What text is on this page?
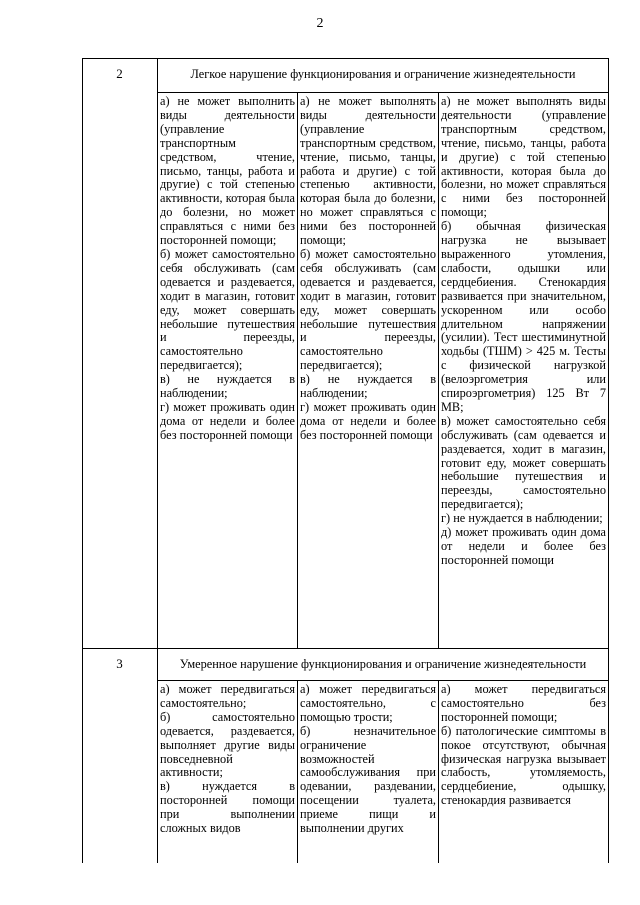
2
2	Легкое нарушение функционирования и ограничение жизнедеятельности

а) не может выполнить виды деятельности (управление транспортным средством, чтение, письмо, танцы, работа и другие) с той степенью активности, которая была до болезни, но может справляться с ними без посторонней помощи;

б) может самостоятельно себя обслуживать (сам одевается и раздевается, ходит в магазин, готовит еду, может совершать небольшие путешествия и переезды, самостоятельно передвигается);

в) не нуждается в наблюдении;

г) может проживать один дома от недели и более без посторонней помощи

а) не может выполнять виды деятельности (управление транспортным средством, чтение, письмо, танцы, работа и другие) с той степенью активности, которая была до болезни, но может справляться с ними без посторонней помощи;

б) может самостоятельно себя обслуживать (сам одевается и раздевается, ходит в магазин, готовит еду, может совершать небольшие путешествия и переезды, самостоятельно передвигается);

в) не нуждается в наблюдении;

г) может проживать один дома от недели и более без посторонней помощи

а) не может выполнять виды деятельности (управление транспортным средством, чтение, письмо, танцы, работа и другие) с той степенью активности, которая была до болезни, но может справляться с ними без посторонней помощи;

б) обычная физическая нагрузка не вызывает выраженного утомления, слабости, одышки или сердцебиения. Стенокардия развивается при значительном, ускоренном или особо длительном напряжении (усилии). Тест шестиминутной ходьбы (ТШМ) > 425 м. Тесты с физической нагрузкой (велоэргометрия или спироэргометрия) 125 Вт 7 МВ;

в) может самостоятельно себя обслуживать (сам одевается и раздевается, ходит в магазин, готовит еду, может совершать небольшие путешествия и переезды, самостоятельно передвигается);

г) не нуждается в наблюдении;

д) может проживать один дома от недели и более без посторонней помощи

3	Умеренное нарушение функционирования и ограничение жизнедеятельности

а) может передвигаться самостоятельно;

б) самостоятельно одевается, раздевается, выполняет другие виды повседневной активности;

в) нуждается в посторонней помощи при выполнении сложных видов

а) может передвигаться самостоятельно, с помощью трости;

б) незначительное ограничение возможностей самообслуживания при одевании, раздевании, посещении туалета, приеме пищи и выполнении других

а) может передвигаться самостоятельно без посторонней помощи;

б) патологические симптомы в покое отсутствуют, обычная физическая нагрузка вызывает слабость, утомляемость, сердцебиение, одышку, стенокардия развивается
